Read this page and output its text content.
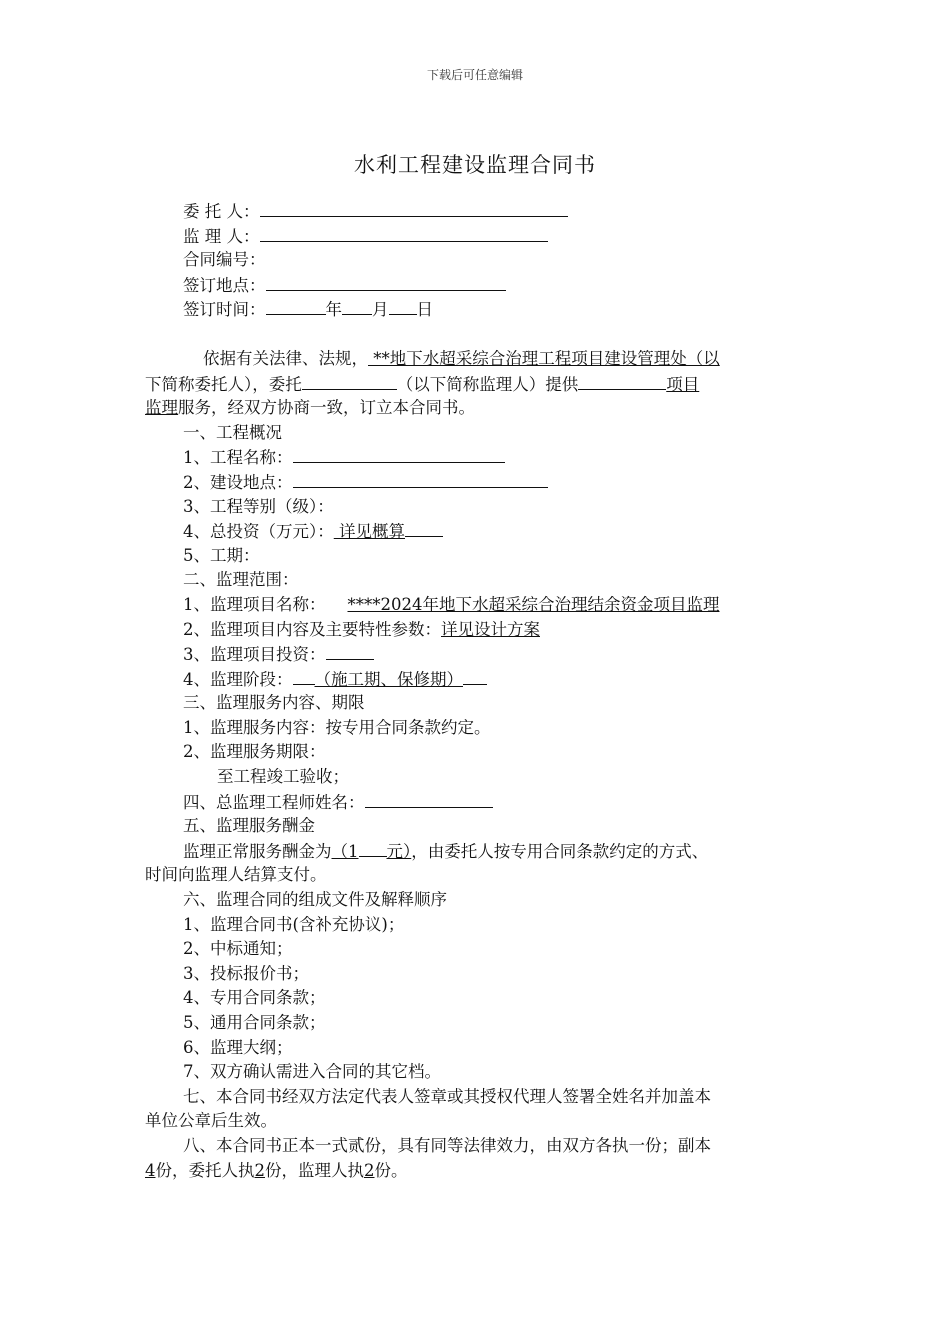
下载后可任意编辑
水利工程建设监理合同书
委 托 人：
监 理 人：
合同编号：
签订地点：
签订时间：	年 月 日
依据有关法律、法规， **地下水超采综合治理工程项目建设管理处（以
下简称委托人），委托	（以下简称监理人）提供	项目
监理服务，经双方协商一致，订立本合同书。
一、工程概况
1、工程名称：
2、建设地点：
3、工程等别（级）：
4、总投资（万元）： 详见概算
5、工期：
二、监理范围：
1、监理项目名称： ****2024年地下水超采综合治理结余资金项目监理
2、监理项目内容及主要特性参数：详见设计方案
3、监理项目投资：
4、监理阶段： （施工期、保修期）
三、监理服务内容、期限
1、监理服务内容：按专用合同条款约定。
2、监理服务期限：
至工程竣工验收；
四、总监理工程师姓名：
五、监理服务酬金
监理正常服务酬金为（1 元），由委托人按专用合同条款约定的方式、
时间向监理人结算支付。
六、监理合同的组成文件及解释顺序
1、监理合同书(含补充协议)；
2、中标通知；
3、投标报价书；
4、专用合同条款；
5、通用合同条款；
6、监理大纲；
7、双方确认需进入合同的其它档。
七、本合同书经双方法定代表人签章或其授权代理人签署全姓名并加盖本
单位公章后生效。
八、本合同书正本一式贰份，具有同等法律效力，由双方各执一份；副本
4份，委托人执2份，监理人执2份。
